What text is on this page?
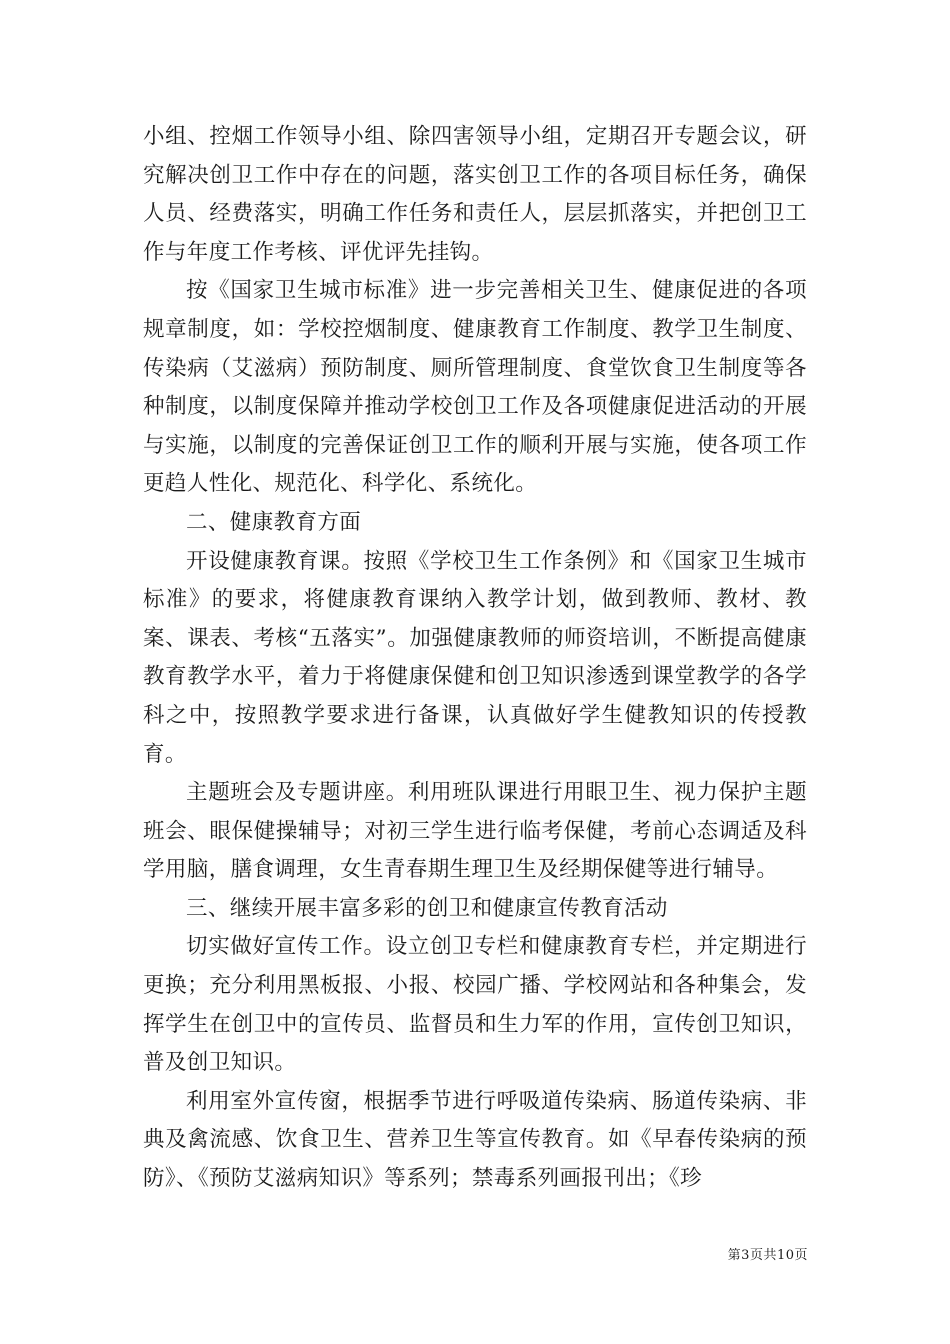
小组、控烟工作领导小组、除四害领导小组，定期召开专题会议，研究解决创卫工作中存在的问题，落实创卫工作的各项目标任务，确保人员、经费落实，明确工作任务和责任人，层层抓落实，并把创卫工作与年度工作考核、评优评先挂钩。

按《国家卫生城市标准》进一步完善相关卫生、健康促进的各项规章制度，如：学校控烟制度、健康教育工作制度、教学卫生制度、传染病（艾滋病）预防制度、厕所管理制度、食堂饮食卫生制度等各种制度，以制度保障并推动学校创卫工作及各项健康促进活动的开展与实施，以制度的完善保证创卫工作的顺利开展与实施，使各项工作更趋人性化、规范化、科学化、系统化。

二、健康教育方面

开设健康教育课。按照《学校卫生工作条例》和《国家卫生城市标准》的要求，将健康教育课纳入教学计划，做到教师、教材、教案、课表、考核“五落实”。加强健康教师的师资培训，不断提高健康教育教学水平，着力于将健康保健和创卫知识渗透到课堂教学的各学科之中，按照教学要求进行备课，认真做好学生健教知识的传授教育。

主题班会及专题讲座。利用班队课进行用眼卫生、视力保护主题班会、眼保健操辅导；对初三学生进行临考保健，考前心态调适及科学用脑，膳食调理，女生青春期生理卫生及经期保健等进行辅导。

三、继续开展丰富多彩的创卫和健康宣传教育活动

切实做好宣传工作。设立创卫专栏和健康教育专栏，并定期进行更换；充分利用黑板报、小报、校园广播、学校网站和各种集会，发挥学生在创卫中的宣传员、监督员和生力军的作用，宣传创卫知识，普及创卫知识。

利用室外宣传窗，根据季节进行呼吸道传染病、肠道传染病、非典及禽流感、饮食卫生、营养卫生等宣传教育。如《早春传染病的预防》、《预防艾滋病知识》等系列；禁毒系列画报刊出；《珍

第3页共10页
